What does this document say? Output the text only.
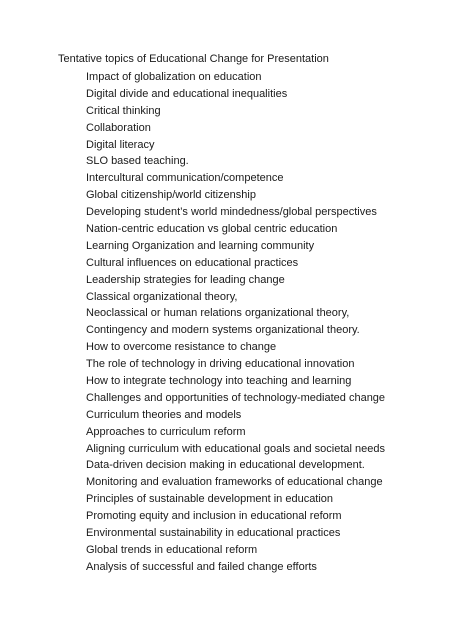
Tentative topics of Educational Change for Presentation
Impact of globalization on education
Digital divide and educational inequalities
Critical thinking
Collaboration
Digital literacy
SLO based teaching.
Intercultural communication/competence
Global citizenship/world citizenship
Developing student’s world mindedness/global perspectives
Nation-centric education vs global centric education
Learning Organization and learning community
Cultural influences on educational practices
Leadership strategies for leading change
Classical organizational theory,
Neoclassical or human relations organizational theory,
Contingency and modern systems organizational theory.
How to overcome resistance to change
The role of technology in driving educational innovation
How to integrate technology into teaching and learning
Challenges and opportunities of technology-mediated change
Curriculum theories and models
Approaches to curriculum reform
Aligning curriculum with educational goals and societal needs
Data-driven decision making in educational development.
Monitoring and evaluation frameworks of educational change
Principles of sustainable development in education
Promoting equity and inclusion in educational reform
Environmental sustainability in educational practices
Global trends in educational reform
Analysis of successful and failed change efforts
